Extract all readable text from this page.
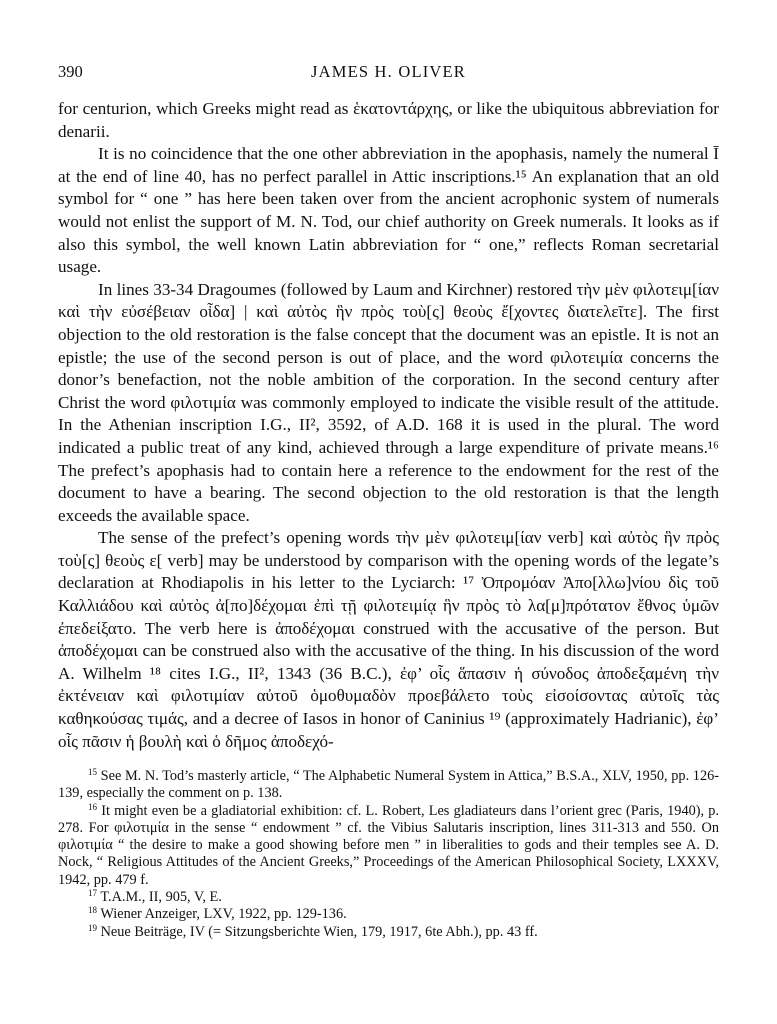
390	JAMES H. OLIVER

for centurion, which Greeks might read as ἑκατοντάρχης, or like the ubiquitous abbreviation for denarii.

It is no coincidence that the one other abbreviation in the apophasis, namely the numeral Ī at the end of line 40, has no perfect parallel in Attic inscriptions.¹⁵ An explanation that an old symbol for “ one ” has here been taken over from the ancient acrophonic system of numerals would not enlist the support of M. N. Tod, our chief authority on Greek numerals. It looks as if also this symbol, the well known Latin abbreviation for “ one,” reflects Roman secretarial usage.

In lines 33-34 Dragoumes (followed by Laum and Kirchner) restored τὴν μὲν φιλοτειμ[ίαν καὶ τὴν εὐσέβειαν οἶδα] | καὶ αὐτὸς ἣν πρὸς τοὺ[ς] θεοὺς ἔ[χοντες διατελεῖτε]. The first objection to the old restoration is the false concept that the document was an epistle. It is not an epistle; the use of the second person is out of place, and the word φιλοτειμία concerns the donor’s benefaction, not the noble ambition of the corporation. In the second century after Christ the word φιλοτιμία was commonly employed to indicate the visible result of the attitude. In the Athenian inscription I.G., II², 3592, of A.D. 168 it is used in the plural. The word indicated a public treat of any kind, achieved through a large expenditure of private means.¹⁶ The prefect’s apophasis had to contain here a reference to the endowment for the rest of the document to have a bearing. The second objection to the old restoration is that the length exceeds the available space.

The sense of the prefect’s opening words τὴν μὲν φιλοτειμ[ίαν verb] καὶ αὐτὸς ἣν πρὸς τοὺ[ς] θεοὺς ε[ verb] may be understood by comparison with the opening words of the legate’s declaration at Rhodiapolis in his letter to the Lyciarch: ¹⁷ Ὀπρομόαν Ἀπο[λλω]νίου δὶς τοῦ Καλλιάδου καὶ αὐτὸς ἀ[πο]δέχομαι ἐπὶ τῇ φιλοτειμίᾳ ἣν πρὸς τὸ λα[μ]πρότατον ἔθνος ὑμῶν ἐπεδείξατο. The verb here is ἀποδέχομαι construed with the accusative of the person. But ἀποδέχομαι can be construed also with the accusative of the thing. In his discussion of the word A. Wilhelm ¹⁸ cites I.G., II², 1343 (36 B.C.), ἐφ’ οἷς ἅπασιν ἡ σύνοδος ἀποδεξαμένη τὴν ἐκτένειαν καὶ φιλοτιμίαν αὐτοῦ ὁμοθυμαδὸν προεβάλετο τοὺς εἰσοίσοντας αὐτοῖς τὰς καθηκούσας τιμάς, and a decree of Iasos in honor of Caninius ¹⁹ (approximately Hadrianic), ἐφ’ οἷς πᾶσιν ἡ βουλὴ καὶ ὁ δῆμος ἀποδεχό-

$^{15}$ See M. N. Tod’s masterly article, “ The Alphabetic Numeral System in Attica,” B.S.A., XLV, 1950, pp. 126-139, especially the comment on p. 138.

$^{16}$ It might even be a gladiatorial exhibition: cf. L. Robert, Les gladiateurs dans l’orient grec (Paris, 1940), p. 278. For φιλοτιμία in the sense “ endowment ” cf. the Vibius Salutaris inscription, lines 311-313 and 550. On φιλοτιμία “ the desire to make a good showing before men ” in liberalities to gods and their temples see A. D. Nock, “ Religious Attitudes of the Ancient Greeks,” Proceedings of the American Philosophical Society, LXXXV, 1942, pp. 479 f.

$^{17}$ T.A.M., II, 905, V, E.

$^{18}$ Wiener Anzeiger, LXV, 1922, pp. 129-136.

$^{19}$ Neue Beiträge, IV (= Sitzungsberichte Wien, 179, 1917, 6te Abh.), pp. 43 ff.
